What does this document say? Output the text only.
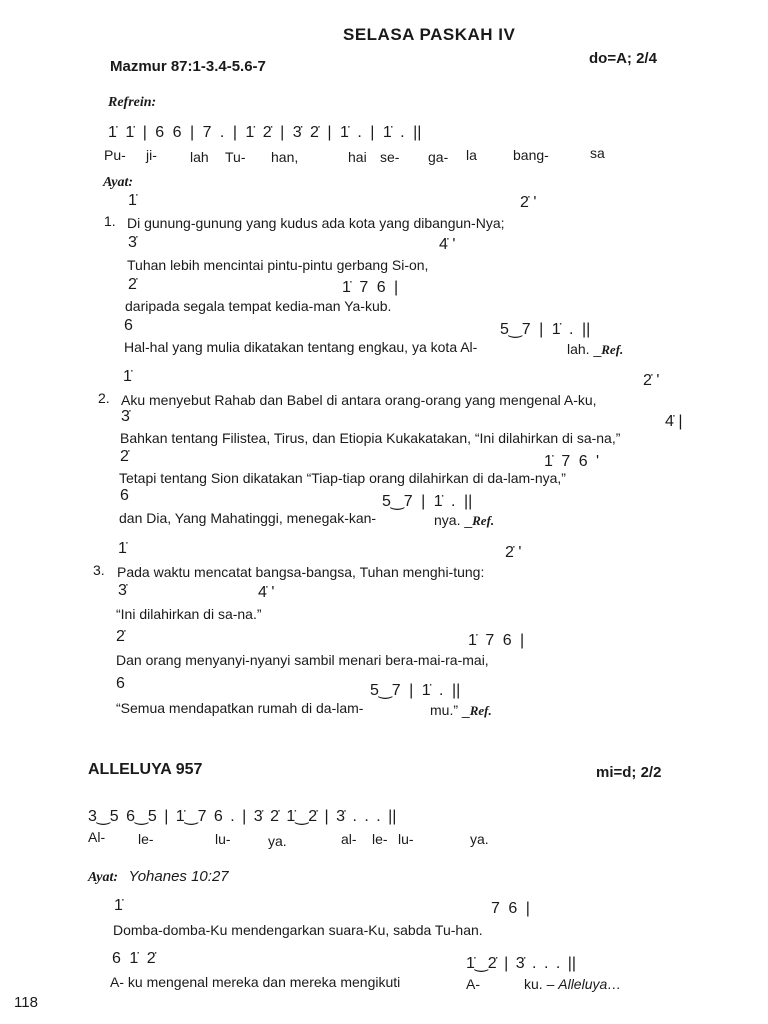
SELASA PASKAH IV
Mazmur 87:1-3.4-5.6-7	do=A; 2/4
Refrein:
1̇ 1̇ | 6 6 | 7 . | 1̇ 2̇ | 3̇ 2̇ | 1̇ . | 1̇ . ||
Pu- ji- lah Tu- han,	hai se- ga- la	bang-	sa
Ayat:
1̇	2̇ '
1. Di gunung-gunung yang kudus ada kota yang dibangun-Nya;
3̇	4̇ '
Tuhan lebih mencintai pintu-pintu gerbang Si-on,
2̇	1̇ 7 6 |
daripada segala tempat kedia-man Ya-kub.
6	5‿7 | 1̇ . ||
Hal-hal yang mulia dikatakan tentang engkau, ya kota Al-	lah. _Ref.
1̇	2̇ '
2. Aku menyebut Rahab dan Babel di antara orang-orang yang mengenal A-ku,
3̇	4̇ |
Bahkan tentang Filistea, Tirus, dan Etiopia Kukakatakan, “Ini dilahirkan di sa-na,”
2̇	1̇ 7 6 '
Tetapi tentang Sion dikatakan “Tiap-tiap orang dilahirkan di da-lam-nya,”
6	5‿7 | 1̇ . ||
dan Dia, Yang Mahatinggi, menegak-kan-	nya. _Ref.
1̇	2̇ '
3. Pada waktu mencatat bangsa-bangsa, Tuhan menghi-tung:
3̇	4̇ '
“Ini dilahirkan di sa-na.”
2̇	1̇ 7 6 |
Dan orang menyanyi-nyanyi sambil menari bera-mai-ra-mai,
6	5‿7 | 1̇ . ||
“Semua mendapatkan rumah di da-lam-	mu.” _Ref.
ALLELUYA 957	mi=d; 2/2
3‿5 6‿5 | 1̇‿7 6 . | 3̇ 2̇ 1̇‿2̇ | 3̇ . . . ||
Al- le-	lu-	ya.	al- le- lu-	ya.
Ayat: Yohanes 10:27
1̇	7 6 |
Domba-domba-Ku mendengarkan suara-Ku, sabda Tu-han.
6 1̇ 2̇	1̇‿2̇ | 3̇ . . . ||
A- ku mengenal mereka dan mereka mengikuti	A-	ku. – Alleluya…
118
